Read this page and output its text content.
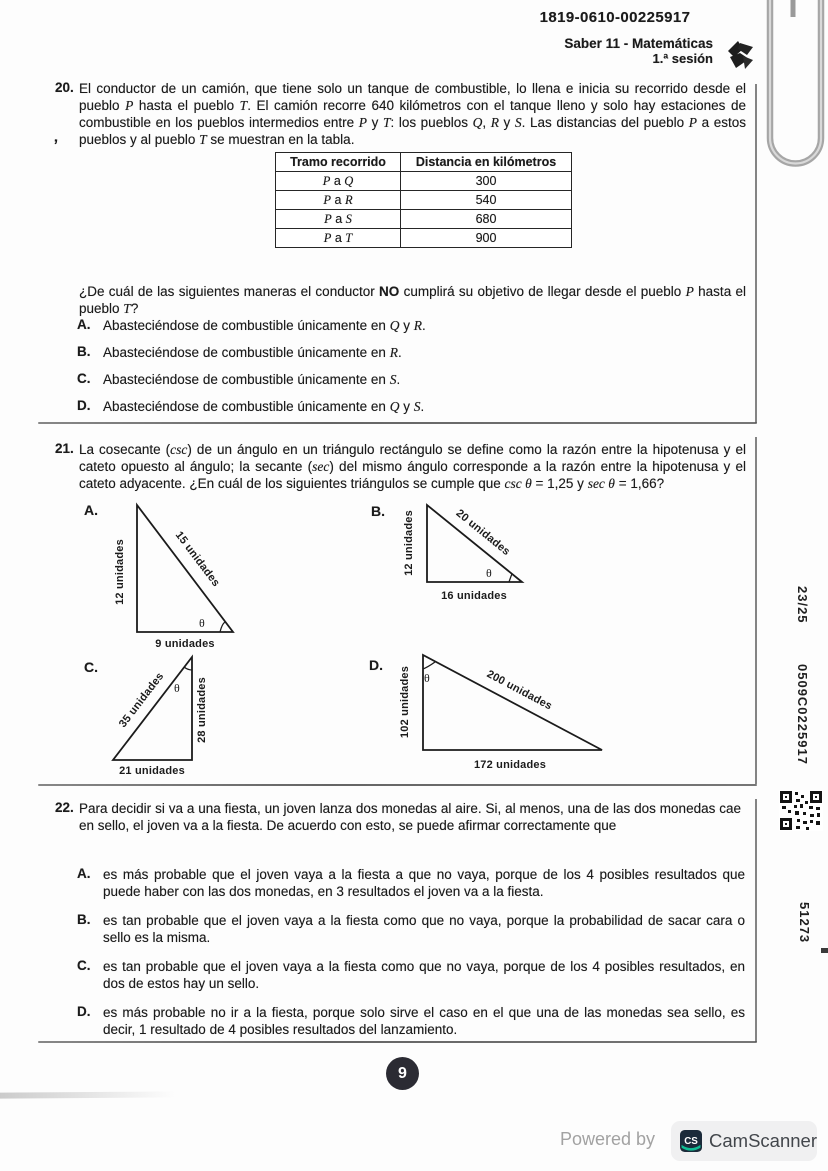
1819-0610-00225917
Saber 11 - Matemáticas
1.ª sesión
20. El conductor de un camión, que tiene solo un tanque de combustible, lo llena e inicia su recorrido desde el pueblo P hasta el pueblo T. El camión recorre 640 kilómetros con el tanque lleno y solo hay estaciones de combustible en los pueblos intermedios entre P y T: los pueblos Q, R y S. Las distancias del pueblo P a estos pueblos y al pueblo T se muestran en la tabla.
’
Tramo recorrido	Distancia en kilómetros
P a Q	300
P a R	540
P a S	680
P a T	900
¿De cuál de las siguientes maneras el conductor NO cumplirá su objetivo de llegar desde el pueblo P hasta el pueblo T?
A. Abasteciéndose de combustible únicamente en Q y R.
B. Abasteciéndose de combustible únicamente en R.
C. Abasteciéndose de combustible únicamente en S.
D. Abasteciéndose de combustible únicamente en Q y S.
21. La cosecante (csc) de un ángulo en un triángulo rectángulo se define como la razón entre la hipotenusa y el cateto opuesto al ángulo; la secante (sec) del mismo ángulo corresponde a la razón entre la hipotenusa y el cateto adyacente. ¿En cuál de los siguientes triángulos se cumple que csc θ = 1,25 y sec θ = 1,66?
A.
θ
12 unidades	15 unidades
9 unidades
B.
θ
12 unidades	20 unidades
16 unidades
C.
θ 28 unidades
35 unidades
21 unidades
D.
θ
102 unidades	200 unidades
172 unidades
22. Para decidir si va a una fiesta, un joven lanza dos monedas al aire. Si, al menos, una de las dos monedas cae en sello, el joven va a la fiesta. De acuerdo con esto, se puede afirmar correctamente que
A. es más probable que el joven vaya a la fiesta a que no vaya, porque de los 4 posibles resultados que puede haber con las dos monedas, en 3 resultados el joven va a la fiesta.
B. es tan probable que el joven vaya a la fiesta como que no vaya, porque la probabilidad de sacar cara o sello es la misma.
C. es tan probable que el joven vaya a la fiesta como que no vaya, porque de los 4 posibles resultados, en dos de estos hay un sello.
D. es más probable no ir a la fiesta, porque solo sirve el caso en el que una de las monedas sea sello, es decir, 1 resultado de 4 posibles resultados del lanzamiento.
23/25
0509C0225917
51273
9
Powered by CS CamScanner
